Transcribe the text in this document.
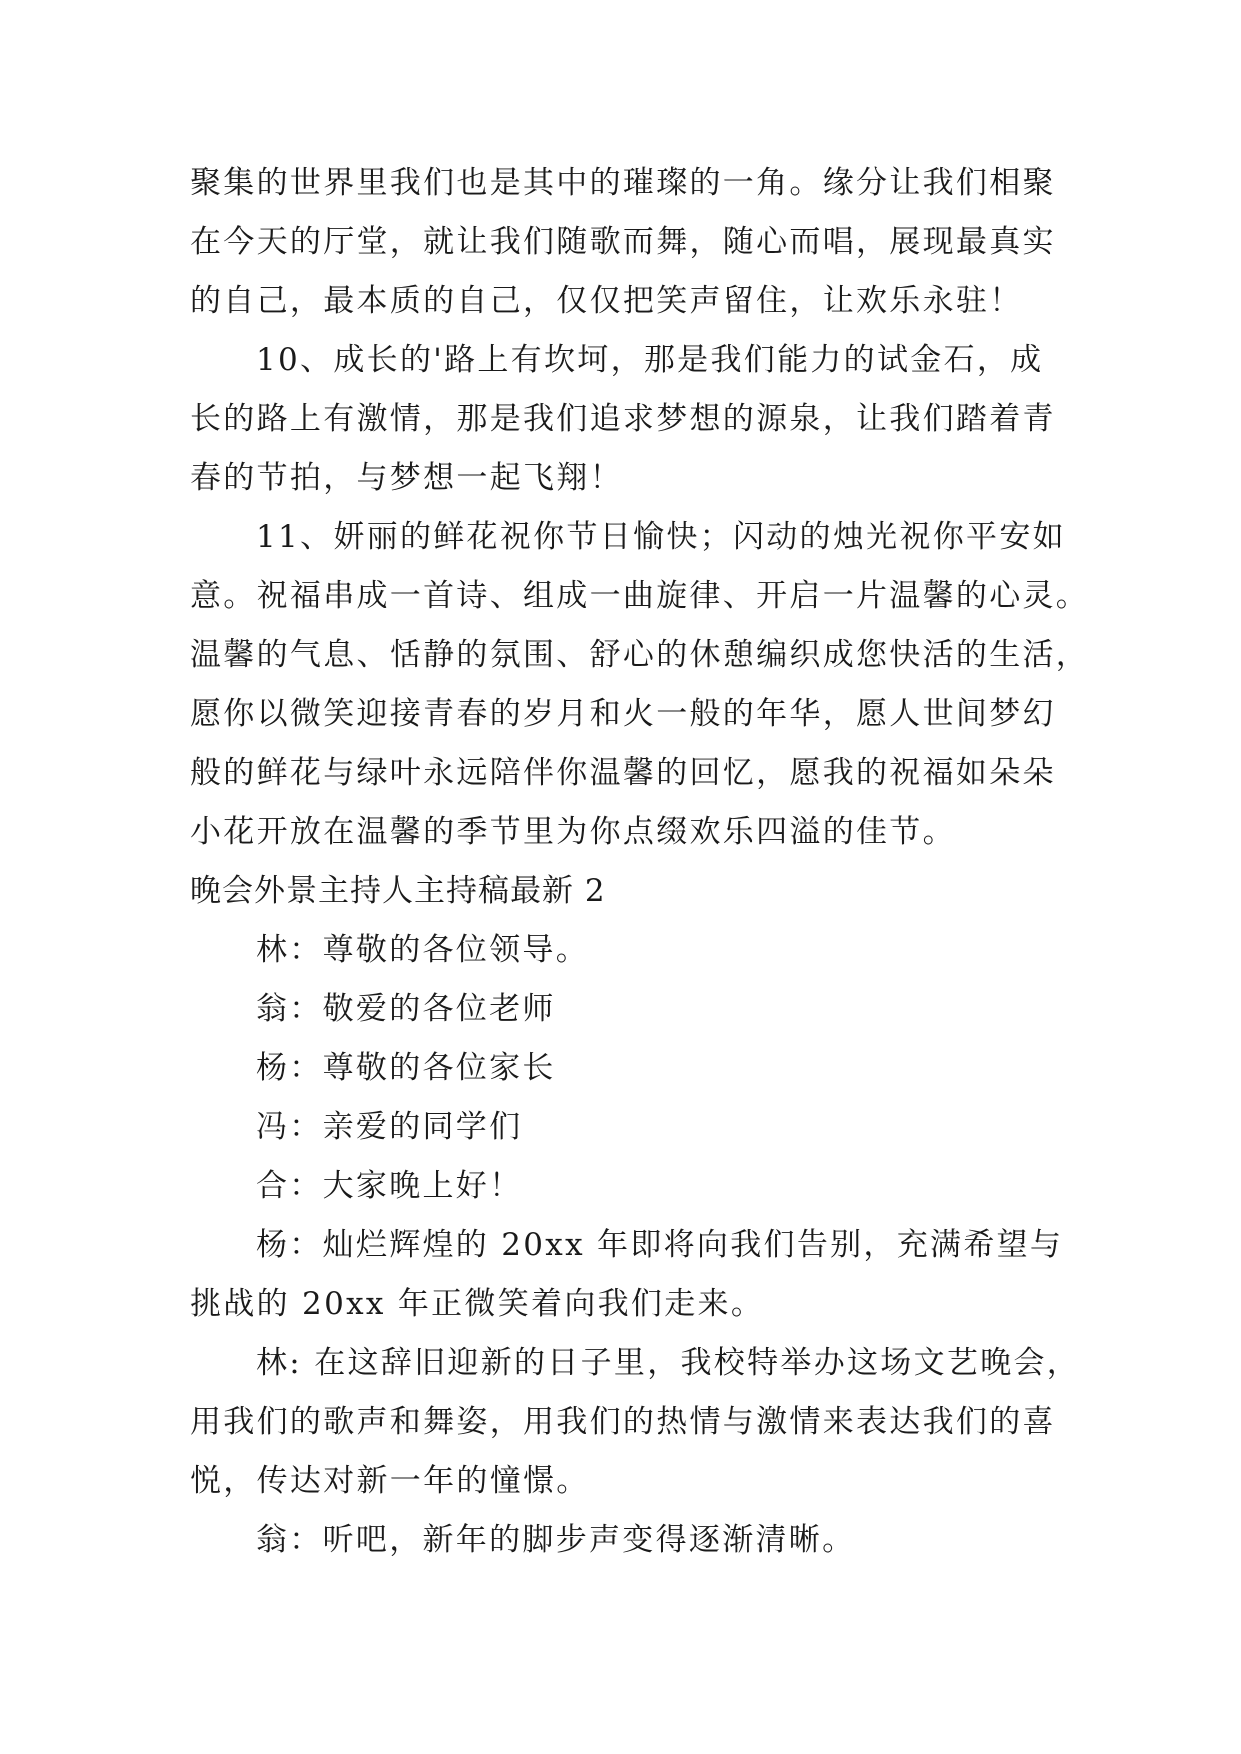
聚集的世界里我们也是其中的璀璨的一角。缘分让我们相聚
在今天的厅堂，就让我们随歌而舞，随心而唱，展现最真实
的自己，最本质的自己，仅仅把笑声留住，让欢乐永驻！
10、成长的'路上有坎坷，那是我们能力的试金石，成
长的路上有激情，那是我们追求梦想的源泉，让我们踏着青
春的节拍，与梦想一起飞翔！
11、妍丽的鲜花祝你节日愉快；闪动的烛光祝你平安如
意。祝福串成一首诗、组成一曲旋律、开启一片温馨的心灵。
温馨的气息、恬静的氛围、舒心的休憩编织成您快活的生活，
愿你以微笑迎接青春的岁月和火一般的年华，愿人世间梦幻
般的鲜花与绿叶永远陪伴你温馨的回忆，愿我的祝福如朵朵
小花开放在温馨的季节里为你点缀欢乐四溢的佳节。
晚会外景主持人主持稿最新 2
林：尊敬的各位领导。
翁：敬爱的各位老师
杨：尊敬的各位家长
冯：亲爱的同学们
合：大家晚上好！
杨：灿烂辉煌的 20xx 年即将向我们告别，充满希望与
挑战的 20xx 年正微笑着向我们走来。
林: 在这辞旧迎新的日子里，我校特举办这场文艺晚会，
用我们的歌声和舞姿，用我们的热情与激情来表达我们的喜
悦，传达对新一年的憧憬。
翁：听吧，新年的脚步声变得逐渐清晰。
